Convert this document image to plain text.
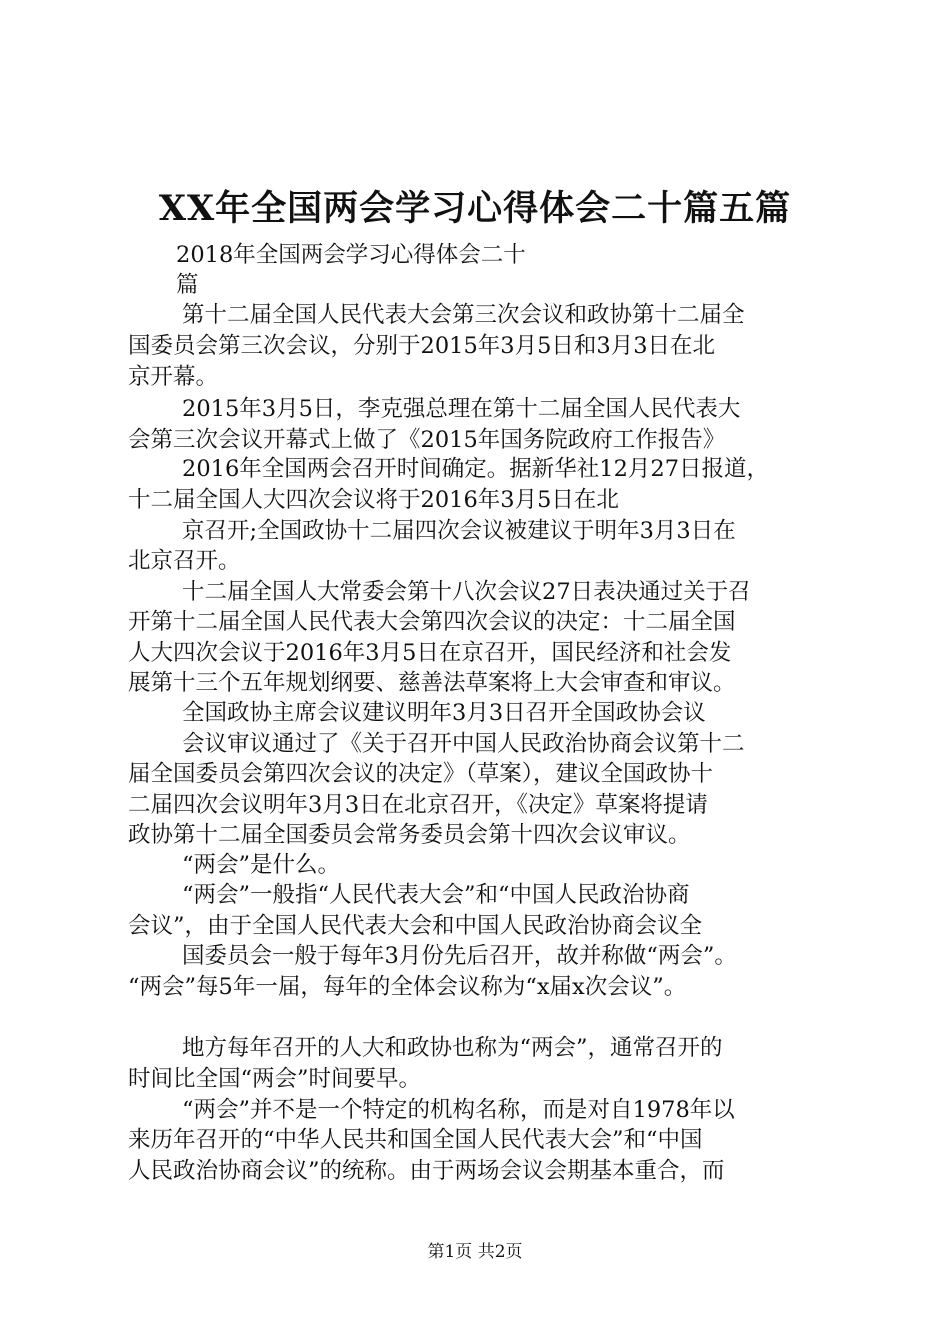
XX年全国两会学习心得体会二十篇五篇
2018年全国两会学习心得体会二十
篇
第十二届全国人民代表大会第三次会议和政协第十二届全
国委员会第三次会议，分别于2015年3月5日和3月3日在北
京开幕。
2015年3月5日，李克强总理在第十二届全国人民代表大
会第三次会议开幕式上做了《2015年国务院政府工作报告》
2016年全国两会召开时间确定。据新华社12月27日报道，
十二届全国人大四次会议将于2016年3月5日在北
京召开;全国政协十二届四次会议被建议于明年3月3日在
北京召开。
十二届全国人大常委会第十八次会议27日表决通过关于召
开第十二届全国人民代表大会第四次会议的决定：十二届全国
人大四次会议于2016年3月5日在京召开，国民经济和社会发
展第十三个五年规划纲要、慈善法草案将上大会审查和审议。
全国政协主席会议建议明年3月3日召开全国政协会议
会议审议通过了《关于召开中国人民政治协商会议第十二
届全国委员会第四次会议的决定》（草案），建议全国政协十
二届四次会议明年3月3日在北京召开，《决定》草案将提请
政协第十二届全国委员会常务委员会第十四次会议审议。
“两会”是什么。
“两会”一般指“人民代表大会”和“中国人民政治协商
会议”，由于全国人民代表大会和中国人民政治协商会议全
国委员会一般于每年3月份先后召开，故并称做“两会”。
“两会”每5年一届，每年的全体会议称为“x届x次会议”。
地方每年召开的人大和政协也称为“两会”，通常召开的
时间比全国“两会”时间要早。
“两会”并不是一个特定的机构名称，而是对自1978年以
来历年召开的“中华人民共和国全国人民代表大会”和“中国
人民政治协商会议”的统称。由于两场会议会期基本重合，而
第1页 共2页
